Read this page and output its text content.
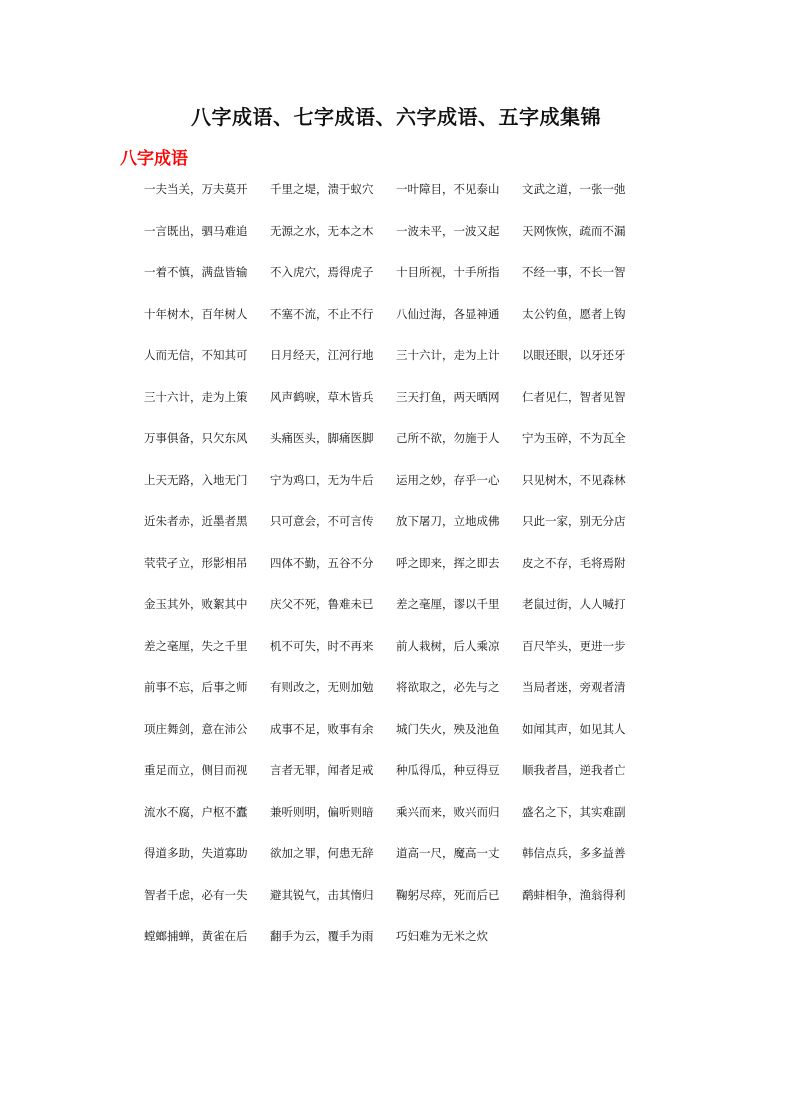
八字成语、七字成语、六字成语、五字成集锦
八字成语
一夫当关，万夫莫开	千里之堤，溃于蚁穴	一叶障目，不见泰山	文武之道，一张一弛
一言既出，驷马难追	无源之水，无本之木	一波未平，一波又起	天网恢恢，疏而不漏
一着不慎，满盘皆输	不入虎穴，焉得虎子	十目所视，十手所指	不经一事，不长一智
十年树木，百年树人	不塞不流，不止不行	八仙过海，各显神通	太公钓鱼，愿者上钩
人而无信，不知其可	日月经天，江河行地	三十六计，走为上计	以眼还眼，以牙还牙
三十六计，走为上策	风声鹤唳，草木皆兵	三天打鱼，两天晒网	仁者见仁，智者见智
万事俱备，只欠东风	头痛医头，脚痛医脚	己所不欲，勿施于人	宁为玉碎，不为瓦全
上天无路，入地无门	宁为鸡口，无为牛后	运用之妙，存乎一心	只见树木，不见森林
近朱者赤，近墨者黑	只可意会，不可言传	放下屠刀，立地成佛	只此一家，别无分店
茕茕孑立，形影相吊	四体不勤，五谷不分	呼之即来，挥之即去	皮之不存，毛将焉附
金玉其外，败絮其中	庆父不死，鲁难未已	差之毫厘，谬以千里	老鼠过街，人人喊打
差之毫厘，失之千里	机不可失，时不再来	前人栽树，后人乘凉	百尺竿头，更进一步
前事不忘，后事之师	有则改之，无则加勉	将欲取之，必先与之	当局者迷，旁观者清
项庄舞剑，意在沛公	成事不足，败事有余	城门失火，殃及池鱼	如闻其声，如见其人
重足而立，侧目而视	言者无罪，闻者足戒	种瓜得瓜，种豆得豆	顺我者昌，逆我者亡
流水不腐，户枢不蠹	兼听则明，偏听则暗	乘兴而来，败兴而归	盛名之下，其实难副
得道多助，失道寡助	欲加之罪，何患无辞	道高一尺，魔高一丈	韩信点兵，多多益善
智者千虑，必有一失	避其锐气，击其惰归	鞠躬尽瘁，死而后已	鹬蚌相争，渔翁得利
螳螂捕蝉，黄雀在后	翻手为云，覆手为雨	巧妇难为无米之炊
